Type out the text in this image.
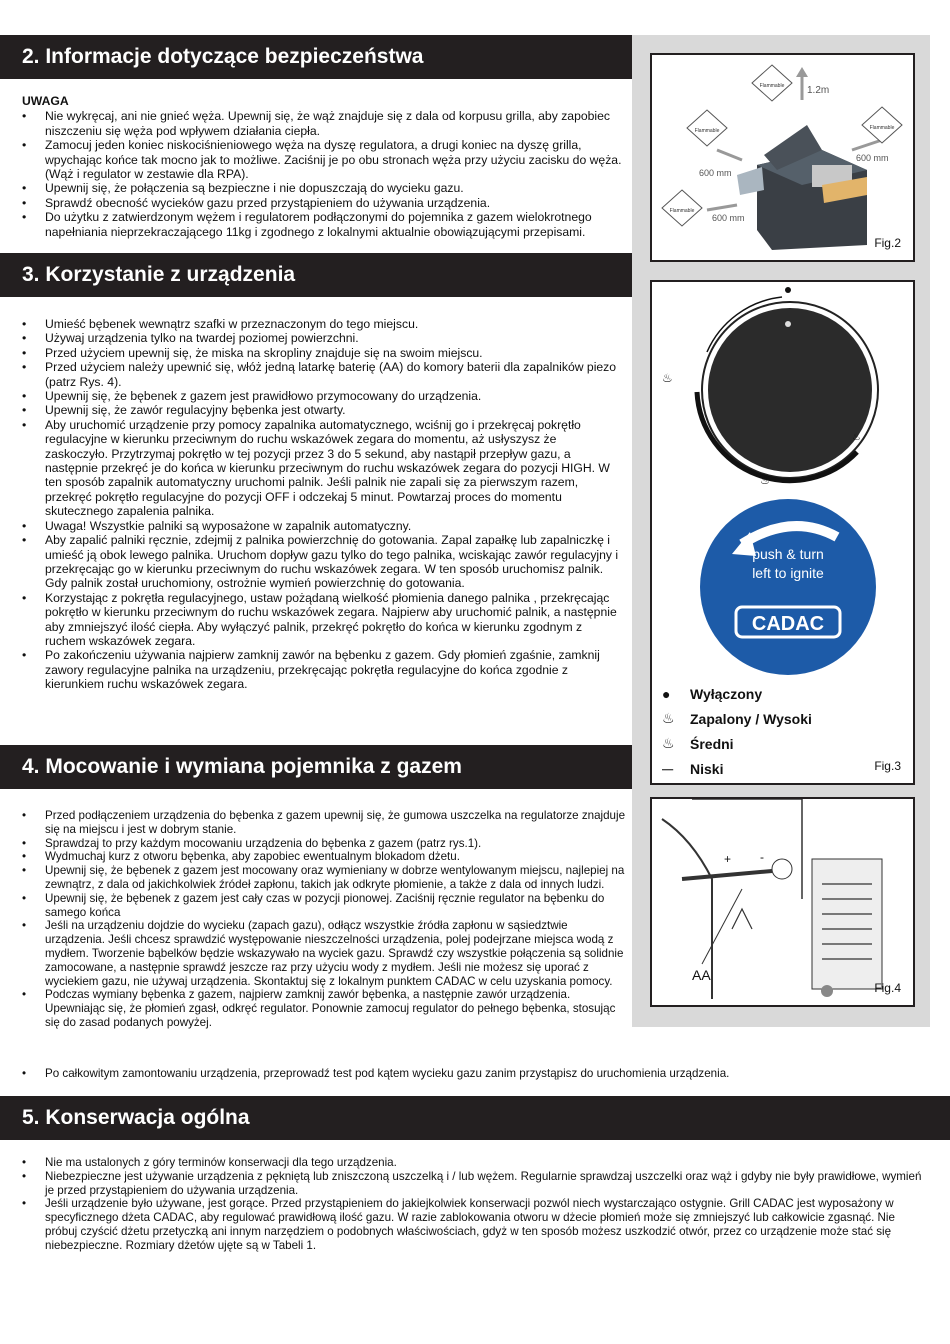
2. Informacje dotyczące bezpieczeństwa
UWAGA
• Nie wykręcaj, ani nie gnieć węża. Upewnij się, że wąż znajduje się z dala od korpusu grilla, aby zapobiec niszczeniu się węża pod wpływem działania ciepła.
• Zamocuj jeden koniec niskociśnieniowego węża na dyszę regulatora, a drugi koniec na dyszę grilla, wpychając końce tak mocno jak to możliwe. Zaciśnij je po obu stronach węża przy użyciu zacisku do węża. (Wąż i regulator w zestawie dla RPA).
• Upewnij się, że połączenia są bezpieczne i nie dopuszczają do wycieku gazu.
• Sprawdź obecność wycieków gazu przed przystąpieniem do używania urządzenia.
• Do użytku z zatwierdzonym wężem i regulatorem podłączonymi do pojemnika z gazem wielokrotnego napełniania nieprzekraczającego 11kg i zgodnego z lokalnymi aktualnie obowiązującymi przepisami.
3. Korzystanie z urządzenia
• Umieść bębenek wewnątrz szafki w przeznaczonym do tego miejscu.
• Używaj urządzenia tylko na twardej poziomej powierzchni.
• Przed użyciem upewnij się, że miska na skropliny znajduje się na swoim miejscu.
• Przed użyciem należy upewnić się, włóż jedną latarkę baterię (AA) do komory baterii dla zapalników piezo (patrz Rys. 4).
• Upewnij się, że bębenek z gazem jest prawidłowo przymocowany do urządzenia.
• Upewnij się, że zawór regulacyjny bębenka jest otwarty.
• Aby uruchomić urządzenie przy pomocy zapalnika automatycznego, wciśnij go i przekręcaj pokrętło regulacyjne w kierunku przeciwnym do ruchu wskazówek zegara do momentu, aż usłyszysz że zaskoczyło. Przytrzymaj pokrętło w tej pozycji przez 3 do 5 sekund, aby nastąpił przepływ gazu, a następnie przekręć je do końca w kierunku przeciwnym do ruchu wskazówek zegara do pozycji HIGH. W ten sposób zapalnik automatyczny uruchomi palnik. Jeśli palnik nie zapali się za pierwszym razem, przekręć pokrętło regulacyjne do pozycji OFF i odczekaj 5 minut. Powtarzaj proces do momentu skutecznego zapalenia palnika.
• Uwaga! Wszystkie palniki są wyposażone w zapalnik automatyczny.
• Aby zapalić palniki ręcznie, zdejmij z palnika powierzchnię do gotowania. Zapal zapałkę lub zapalniczkę i umieść ją obok lewego palnika. Uruchom dopływ gazu tylko do tego palnika, wciskając zawór regulacyjny i przekręcając go w kierunku przeciwnym do ruchu wskazówek zegara. W ten sposób uruchomisz palnik. Gdy palnik został uruchomiony, ostrożnie wymień powierzchnię do gotowania.
• Korzystając z pokrętła regulacyjnego, ustaw pożądaną wielkość płomienia danego palnika , przekręcając pokrętło w kierunku przeciwnym do ruchu wskazówek zegara. Najpierw aby uruchomić palnik, a następnie aby zmniejszyć ilość ciepła. Aby wyłączyć palnik, przekręć pokrętło do końca w kierunku zgodnym z ruchem wskazówek zegara.
• Po zakończeniu używania najpierw zamknij zawór na bębenku z gazem. Gdy płomień zgaśnie, zamknij zawory regulacyjne palnika na urządzeniu, przekręcając pokrętła regulacyjne do końca zgodnie z kierunkiem ruchu wskazówek zegara.
4. Mocowanie i wymiana pojemnika z gazem
• Przed podłączeniem urządzenia do bębenka z gazem upewnij się, że gumowa uszczelka na regulatorze znajduje się na miejscu i jest w dobrym stanie.
• Sprawdzaj to przy każdym mocowaniu urządzenia do bębenka z gazem (patrz rys.1).
• Wydmuchaj kurz z otworu bębenka, aby zapobiec ewentualnym blokadom dżetu.
• Upewnij się, że bębenek z gazem jest mocowany oraz wymieniany w dobrze wentylowanym miejscu, najlepiej na zewnątrz, z dala od jakichkolwiek źródeł zapłonu, takich jak odkryte płomienie, a także z dala od innych ludzi.
• Upewnij się, że bębenek z gazem jest cały czas w pozycji pionowej. Zaciśnij ręcznie regulator na bębenku do samego końca
• Jeśli na urządzeniu dojdzie do wycieku (zapach gazu), odłącz wszystkie źródła zapłonu w sąsiedztwie urządzenia. Jeśli chcesz sprawdzić występowanie nieszczelności urządzenia, polej podejrzane miejsca wodą z mydłem. Tworzenie bąbelków będzie wskazywało na wyciek gazu. Sprawdź czy wszystkie połączenia są solidnie zamocowane, a następnie sprawdź jeszcze raz przy użyciu wody z mydłem. Jeśli nie możesz się uporać z wyciekiem gazu, nie używaj urządzenia. Skontaktuj się z lokalnym punktem CADAC w celu uzyskania pomocy.
• Podczas wymiany bębenka z gazem, najpierw zamknij zawór bębenka, a następnie zawór urządzenia. Upewniając się, że płomień zgasł, odkręć regulator. Ponownie zamocuj regulator do pełnego bębenka, stosując się do zasad podanych powyżej.
• Po całkowitym zamontowaniu urządzenia, przeprowadź test pod kątem wycieku gazu zanim przystąpisz do uruchomienia urządzenia.
5. Konserwacja ogólna
• Nie ma ustalonych z góry terminów konserwacji dla tego urządzenia.
• Niebezpieczne jest używanie urządzenia z pękniętą lub zniszczoną uszczelką i / lub wężem. Regularnie sprawdzaj uszczelki oraz wąż i gdyby nie były prawidłowe, wymień je przed przystąpieniem do używania urządzenia.
• Jeśli urządzenie było używane, jest gorące. Przed przystąpieniem do jakiejkolwiek konserwacji pozwól niech wystarczająco ostygnie. Grill CADAC jest wyposażony w specyficznego dżeta CADAC, aby regulować prawidłową ilość gazu. W razie zablokowania otworu w dżecie płomień może się zmniejszyć lub całkowicie zgasnąć. Nie próbuj czyścić dżetu przetyczką ani innym narzędziem o podobnych właściwościach, gdyż w ten sposób możesz uszkodzić otwór, przez co urządzenie może stać się niebezpieczne. Rozmiary dżetów ujęte są w Tabeli 1.
Flammable
Flammable	Flammable
Flammable
1.2m
600 mm
600 mm
600 mm
Fig.2
♨
♨
♨
push & turn
left to ignite
CADAC
Fig.3
●	Wyłączony
♨	Zapalony / Wysoki
♨	Średni
⏤	Niski
+ -
AA
Fig.4
